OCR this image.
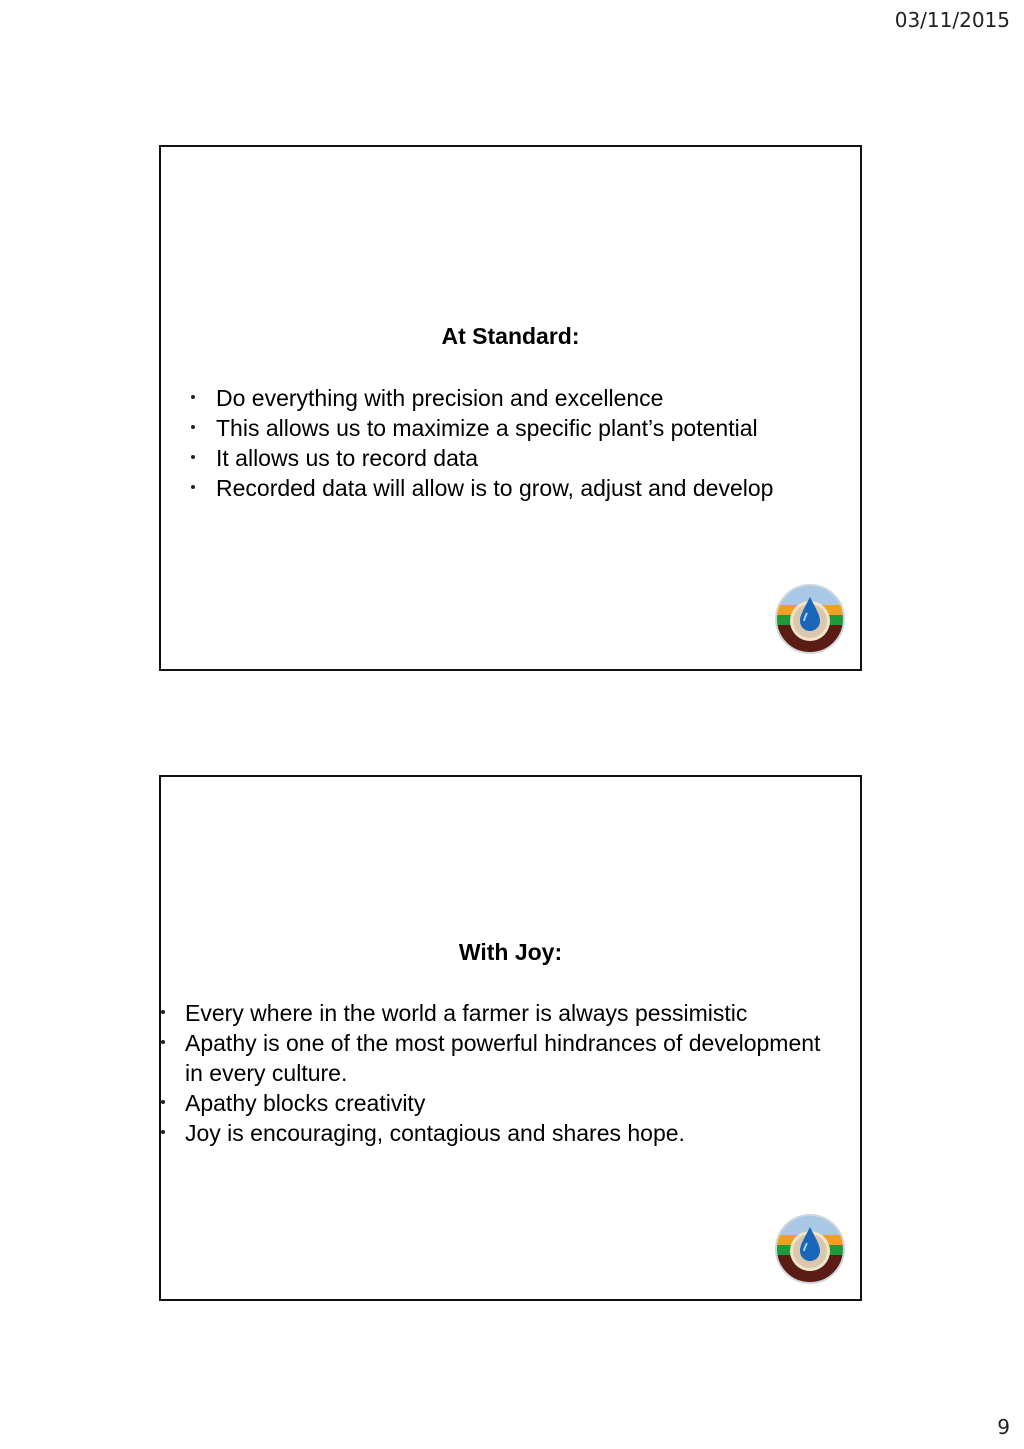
03/11/2015
At Standard:
Do everything with precision and excellence
This allows us to maximize a specific plant’s potential
It allows us to record data
Recorded data will allow is to grow, adjust and develop
With Joy:
Every where in the world a farmer is always pessimistic
Apathy is one of the most powerful hindrances of development in every culture.
Apathy blocks creativity
Joy is encouraging, contagious and shares hope.
9
